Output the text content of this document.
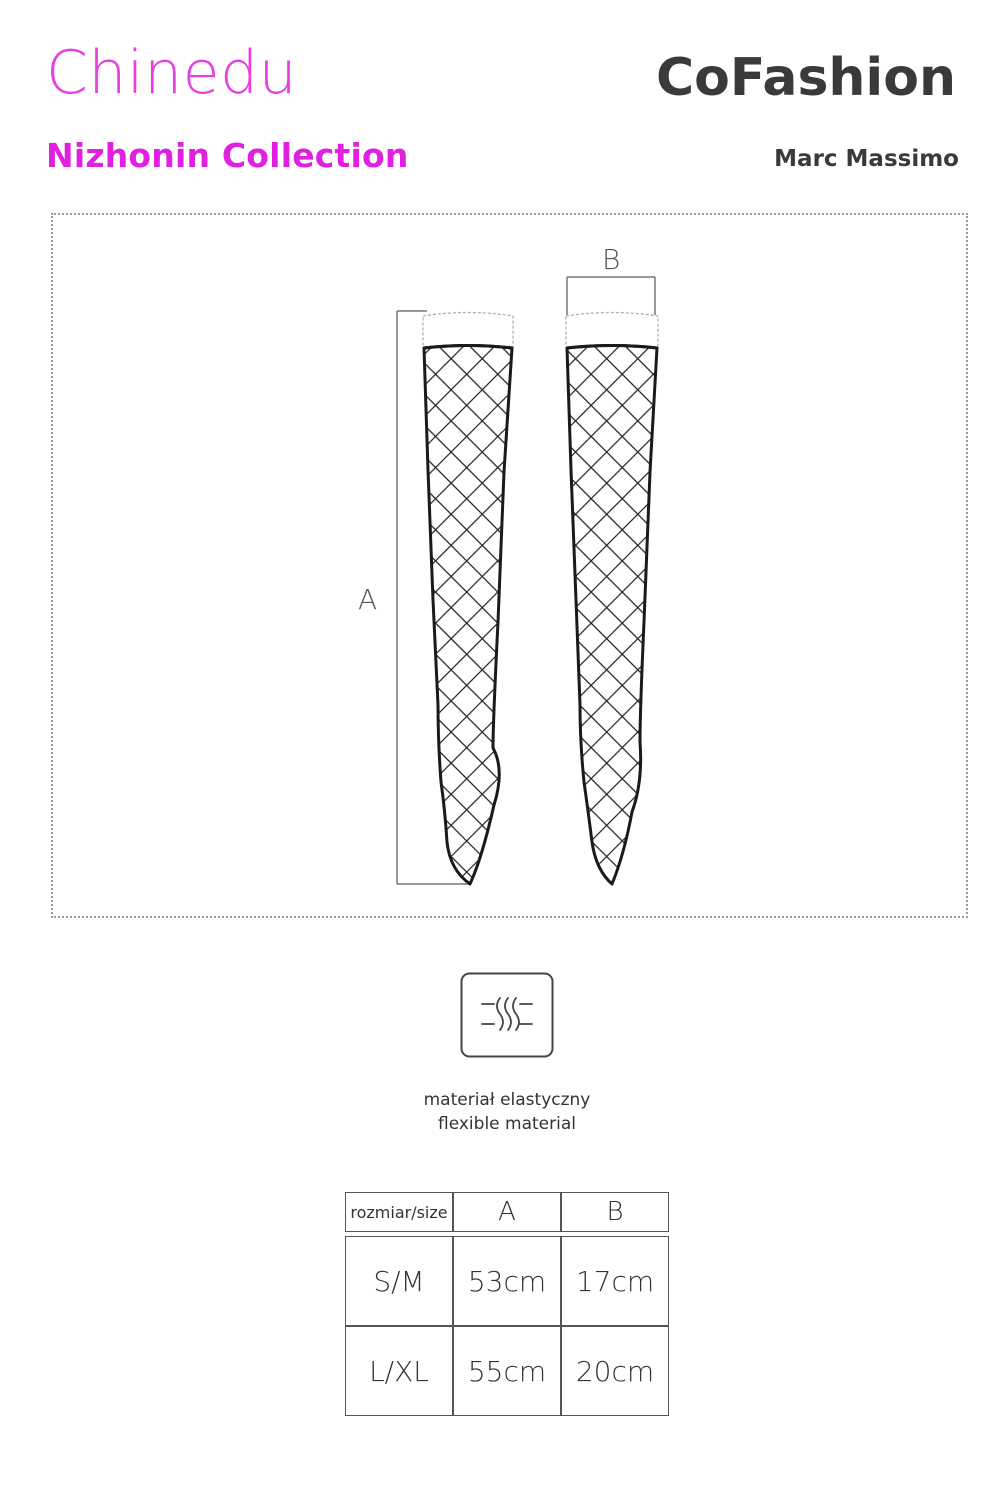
Chinedu
Nizhonin Collection
CoFashion
Marc Massimo
A
B
materiał elastyczny
flexible material
rozmiar/size	A	B

S/M	53cm	17cm
L/XL	55cm	20cm
